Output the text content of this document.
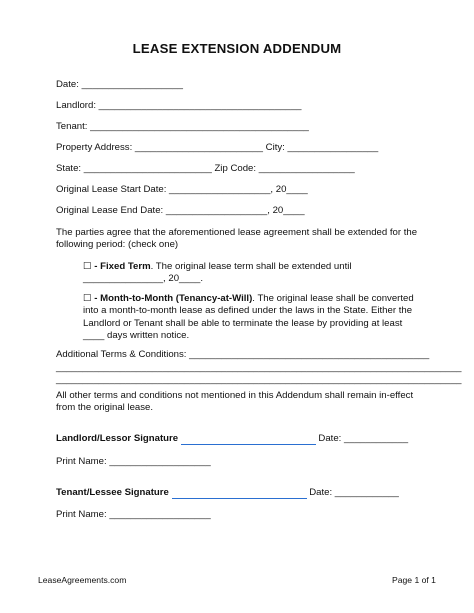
LEASE EXTENSION ADDENDUM
Date: ___________________
Landlord: ______________________________________
Tenant: _________________________________________
Property Address: ________________________ City: _________________
State: ________________________ Zip Code: __________________
Original Lease Start Date: ___________________, 20____
Original Lease End Date: ___________________, 20____
The parties agree that the aforementioned lease agreement shall be extended for the following period: (check one)
☐ - Fixed Term. The original lease term shall be extended until
_______________, 20____.
☐ - Month-to-Month (Tenancy-at-Will). The original lease shall be converted into a month-to-month lease as defined under the laws in the State. Either the Landlord or Tenant shall be able to terminate the lease by providing at least ____ days written notice.
Additional Terms & Conditions: _____________________________________________
____________________________________________________________________________
____________________________________________________________________________
All other terms and conditions not mentioned in this Addendum shall remain in-effect from the original lease.
Landlord/Lessor Signature	Date: ____________
Print Name: ___________________
Tenant/Lessee Signature	Date: ____________
Print Name: ___________________
LeaseAgreements.com	Page 1 of 1
